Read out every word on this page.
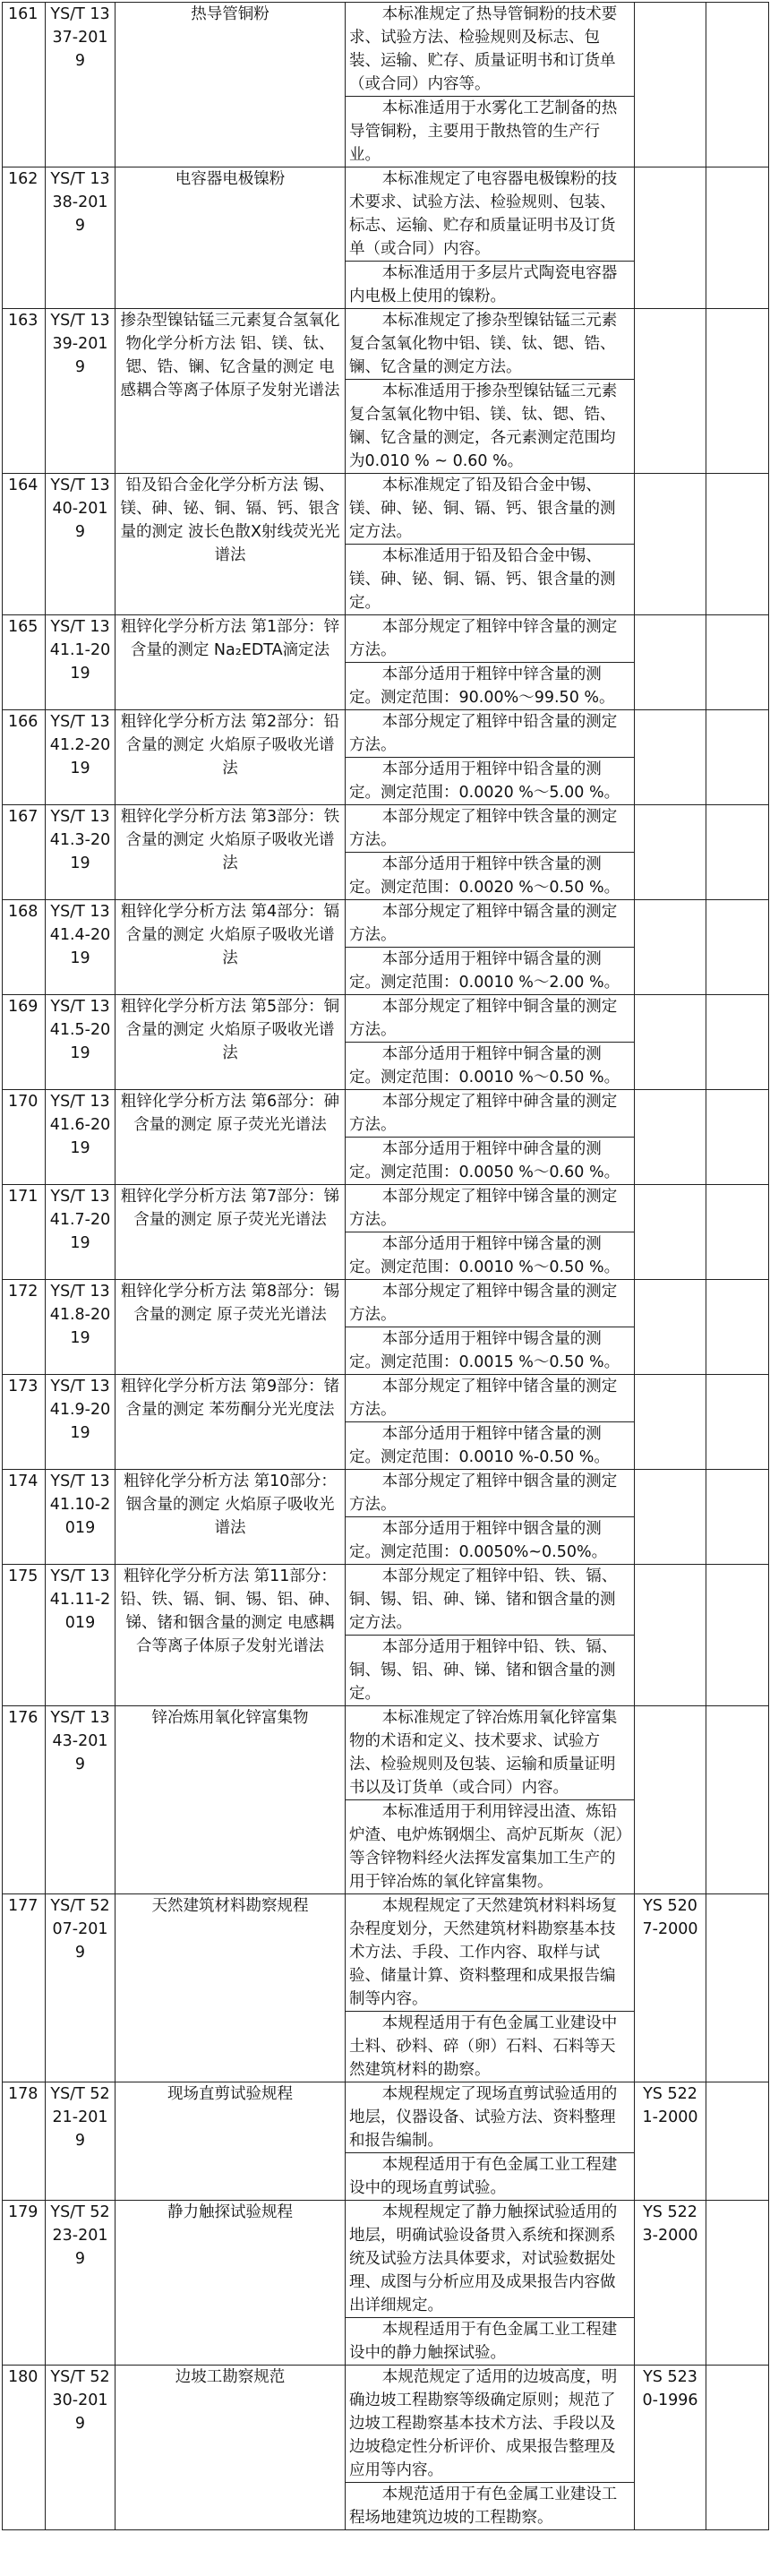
161	YS/T 1337-2019	热导管铜粉	本标准规定了热导管铜粉的技术要求、试验方法、检验规则及标志、包装、运输、贮存、质量证明书和订货单（或合同）内容等。

本标准适用于水雾化工艺制备的热导管铜粉，主要用于散热管的生产行业。		

162	YS/T 1338-2019	电容器电极镍粉	本标准规定了电容器电极镍粉的技术要求、试验方法、检验规则、包装、标志、运输、贮存和质量证明书及订货单（或合同）内容。

本标准适用于多层片式陶瓷电容器内电极上使用的镍粉。		

163	YS/T 1339-2019	掺杂型镍钴锰三元素复合氢氧化物化学分析方法 铝、镁、钛、锶、锆、镧、钇含量的测定 电感耦合等离子体原子发射光谱法	本标准规定了掺杂型镍钴锰三元素复合氢氧化物中铝、镁、钛、锶、锆、镧、钇含量的测定方法。

本标准适用于掺杂型镍钴锰三元素复合氢氧化物中铝、镁、钛、锶、锆、镧、钇含量的测定，各元素测定范围均为0.010 % ~ 0.60 %。		

164	YS/T 1340-2019	铅及铅合金化学分析方法 锡、镁、砷、铋、铜、镉、钙、银含量的测定 波长色散X射线荧光光谱法	本标准规定了铅及铅合金中锡、镁、砷、铋、铜、镉、钙、银含量的测定方法。

本标准适用于铅及铅合金中锡、镁、砷、铋、铜、镉、钙、银含量的测定。		

165	YS/T 1341.1-2019	粗锌化学分析方法 第1部分：锌含量的测定 Na₂EDTA滴定法	本部分规定了粗锌中锌含量的测定方法。

本部分适用于粗锌中锌含量的测定。测定范围：90.00%～99.50 %。		

166	YS/T 1341.2-2019	粗锌化学分析方法 第2部分：铅含量的测定 火焰原子吸收光谱法	本部分规定了粗锌中铅含量的测定方法。

本部分适用于粗锌中铅含量的测定。测定范围：0.0020 %～5.00 %。		

167	YS/T 1341.3-2019	粗锌化学分析方法 第3部分：铁含量的测定 火焰原子吸收光谱法	本部分规定了粗锌中铁含量的测定方法。

本部分适用于粗锌中铁含量的测定。测定范围：0.0020 %～0.50 %。		

168	YS/T 1341.4-2019	粗锌化学分析方法 第4部分：镉含量的测定 火焰原子吸收光谱法	本部分规定了粗锌中镉含量的测定方法。

本部分适用于粗锌中镉含量的测定。测定范围：0.0010 %～2.00 %。		

169	YS/T 1341.5-2019	粗锌化学分析方法 第5部分：铜含量的测定 火焰原子吸收光谱法	本部分规定了粗锌中铜含量的测定方法。

本部分适用于粗锌中铜含量的测定。测定范围：0.0010 %～0.50 %。		

170	YS/T 1341.6-2019	粗锌化学分析方法 第6部分：砷含量的测定 原子荧光光谱法	本部分规定了粗锌中砷含量的测定方法。

本部分适用于粗锌中砷含量的测定。测定范围：0.0050 %～0.60 %。		

171	YS/T 1341.7-2019	粗锌化学分析方法 第7部分：锑含量的测定 原子荧光光谱法	本部分规定了粗锌中锑含量的测定方法。

本部分适用于粗锌中锑含量的测定。测定范围：0.0010 %～0.50 %。		

172	YS/T 1341.8-2019	粗锌化学分析方法 第8部分：锡含量的测定 原子荧光光谱法	本部分规定了粗锌中锡含量的测定方法。

本部分适用于粗锌中锡含量的测定。测定范围：0.0015 %～0.50 %。		

173	YS/T 1341.9-2019	粗锌化学分析方法 第9部分：锗含量的测定 苯芴酮分光光度法	本部分规定了粗锌中锗含量的测定方法。

本部分适用于粗锌中锗含量的测定。测定范围：0.0010 %-0.50 %。		

174	YS/T 1341.10-2019	粗锌化学分析方法 第10部分：铟含量的测定 火焰原子吸收光谱法	本部分规定了粗锌中铟含量的测定方法。

本部分适用于粗锌中铟含量的测定。测定范围：0.0050%~0.50%。		

175	YS/T 1341.11-2019	粗锌化学分析方法 第11部分：铅、铁、镉、铜、锡、铝、砷、锑、锗和铟含量的测定 电感耦合等离子体原子发射光谱法	本部分规定了粗锌中铅、铁、镉、铜、锡、铝、砷、锑、锗和铟含量的测定方法。

本部分适用于粗锌中铅、铁、镉、铜、锡、铝、砷、锑、锗和铟含量的测定。		

176	YS/T 1343-2019	锌冶炼用氧化锌富集物	本标准规定了锌冶炼用氧化锌富集物的术语和定义、技术要求、试验方法、检验规则及包装、运输和质量证明书以及订货单（或合同）内容。

本标准适用于利用锌浸出渣、炼铅炉渣、电炉炼钢烟尘、高炉瓦斯灰（泥）等含锌物料经火法挥发富集加工生产的用于锌冶炼的氧化锌富集物。		

177	YS/T 5207-2019	天然建筑材料勘察规程	本规程规定了天然建筑材料料场复杂程度划分，天然建筑材料勘察基本技术方法、手段、工作内容、取样与试验、储量计算、资料整理和成果报告编制等内容。

本规程适用于有色金属工业建设中土料、砂料、碎（卵）石料、石料等天然建筑材料的勘察。	YS 5207-2000	
178	YS/T 5221-2019	现场直剪试验规程	本规程规定了现场直剪试验适用的地层，仪器设备、试验方法、资料整理和报告编制。

本规程适用于有色金属工业工程建设中的现场直剪试验。	YS 5221-2000	
179	YS/T 5223-2019	静力触探试验规程	本规程规定了静力触探试验适用的地层，明确试验设备贯入系统和探测系统及试验方法具体要求，对试验数据处理、成图与分析应用及成果报告内容做出详细规定。

本规程适用于有色金属工业工程建设中的静力触探试验。	YS 5223-2000	
180	YS/T 5230-2019	边坡工勘察规范	本规范规定了适用的边坡高度，明确边坡工程勘察等级确定原则；规范了边坡工程勘察基本技术方法、手段以及边坡稳定性分析评价、成果报告整理及应用等内容。

本规范适用于有色金属工业建设工程场地建筑边坡的工程勘察。	YS 5230-1996	
